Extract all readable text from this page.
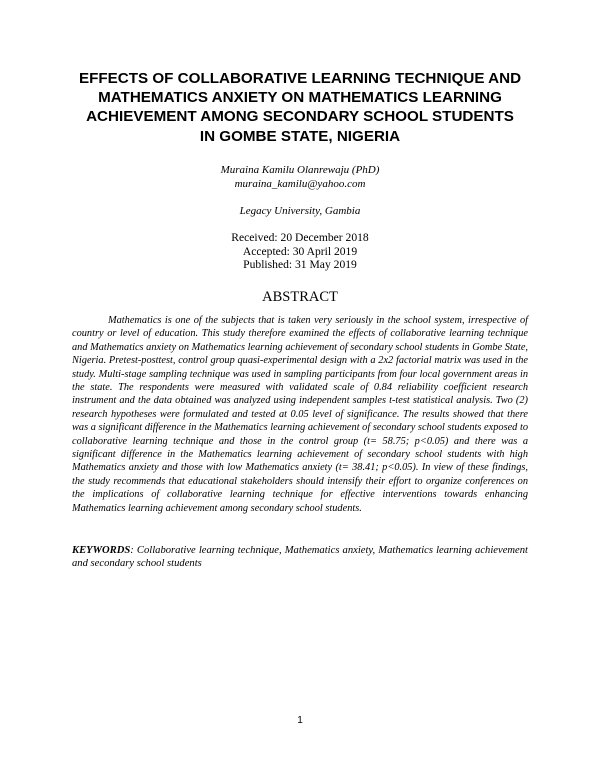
EFFECTS OF COLLABORATIVE LEARNING TECHNIQUE AND
MATHEMATICS ANXIETY ON MATHEMATICS LEARNING
ACHIEVEMENT AMONG SECONDARY SCHOOL STUDENTS
IN GOMBE STATE, NIGERIA
Muraina Kamilu Olanrewaju (PhD)
muraina_kamilu@yahoo.com
Legacy University, Gambia
Received: 20 December 2018
Accepted: 30 April 2019
Published: 31 May 2019
ABSTRACT

Mathematics is one of the subjects that is taken very seriously in the school system, irrespective of country or level of education. This study therefore examined the effects of collaborative learning technique and Mathematics anxiety on Mathematics learning achievement of secondary school students in Gombe State, Nigeria. Pretest-posttest, control group quasi-experimental design with a 2x2 factorial matrix was used in the study. Multi-stage sampling technique was used in sampling participants from four local government areas in the state. The respondents were measured with validated scale of 0.84 reliability coefficient research instrument and the data obtained was analyzed using independent samples t-test statistical analysis. Two (2) research hypotheses were formulated and tested at 0.05 level of significance. The results showed that there was a significant difference in the Mathematics learning achievement of secondary school students exposed to collaborative learning technique and those in the control group (t= 58.75; p<0.05) and there was a significant difference in the Mathematics learning achievement of secondary school students with high Mathematics anxiety and those with low Mathematics anxiety (t= 38.41; p<0.05). In view of these findings, the study recommends that educational stakeholders should intensify their effort to organize conferences on the implications of collaborative learning technique for effective interventions towards enhancing Mathematics learning achievement among secondary school students.

KEYWORDS: Collaborative learning technique, Mathematics anxiety, Mathematics learning achievement and secondary school students

1
